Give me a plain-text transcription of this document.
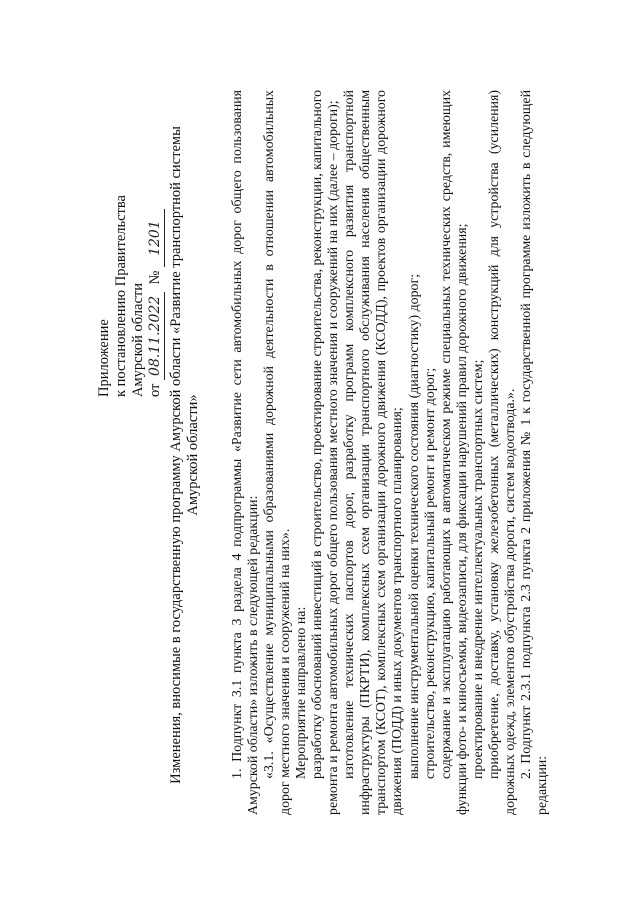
Приложение к постановлению Правительства Амурской области от 08.11.2022  № 1201 Изменения, вносимые в государственную программу Амурской области «Развитие транспортной системы Амурской области» 1. Подпункт 3.1 пункта 3 раздела 4 подпрограммы «Развитие сети автомобильных дорог общего пользования Амурской области» изложить в следующей редакции: «3.1. «Осуществление муниципальными образованиями дорожной деятельности в отношении автомобильных дорог местного значения и сооружений на них». Мероприятие направлено на: разработку обоснований инвестиций в строительство, проектирование строительства, реконструкции, капитального ремонта и ремонта автомобильных дорог общего пользования местного значения и сооружений на них (далее – дороги); изготовление технических паспортов дорог, разработку программ комплексного развития транспортной инфраструктуры (ПКРТИ), комплексных схем организации транспортного обслуживания населения общественным транспортом (КСОТ), комплексных схем организации дорожного движения (КСОДД), проектов организации дорожного движения (ПОДД) и иных документов транспортного планирования; выполнение инструментальной оценки технического состояния (диагностику) дорог; строительство, реконструкцию, капитальный ремонт и ремонт дорог; содержание и эксплуатацию работающих в автоматическом режиме специальных технических средств, имеющих функции фото- и киносъемки, видеозаписи, для фиксации нарушений правил дорожного движения; проектирование и внедрение интеллектуальных транспортных систем; приобретение, доставку, установку железобетонных (металлических) конструкций для устройства (усиления) дорожных одежд, элементов обустройства дороги, систем водоотвода.». 2. Подпункт 2.3.1 подпункта 2.3 пункта 2 приложения № 1 к государственной программе изложить в следующей редакции:
